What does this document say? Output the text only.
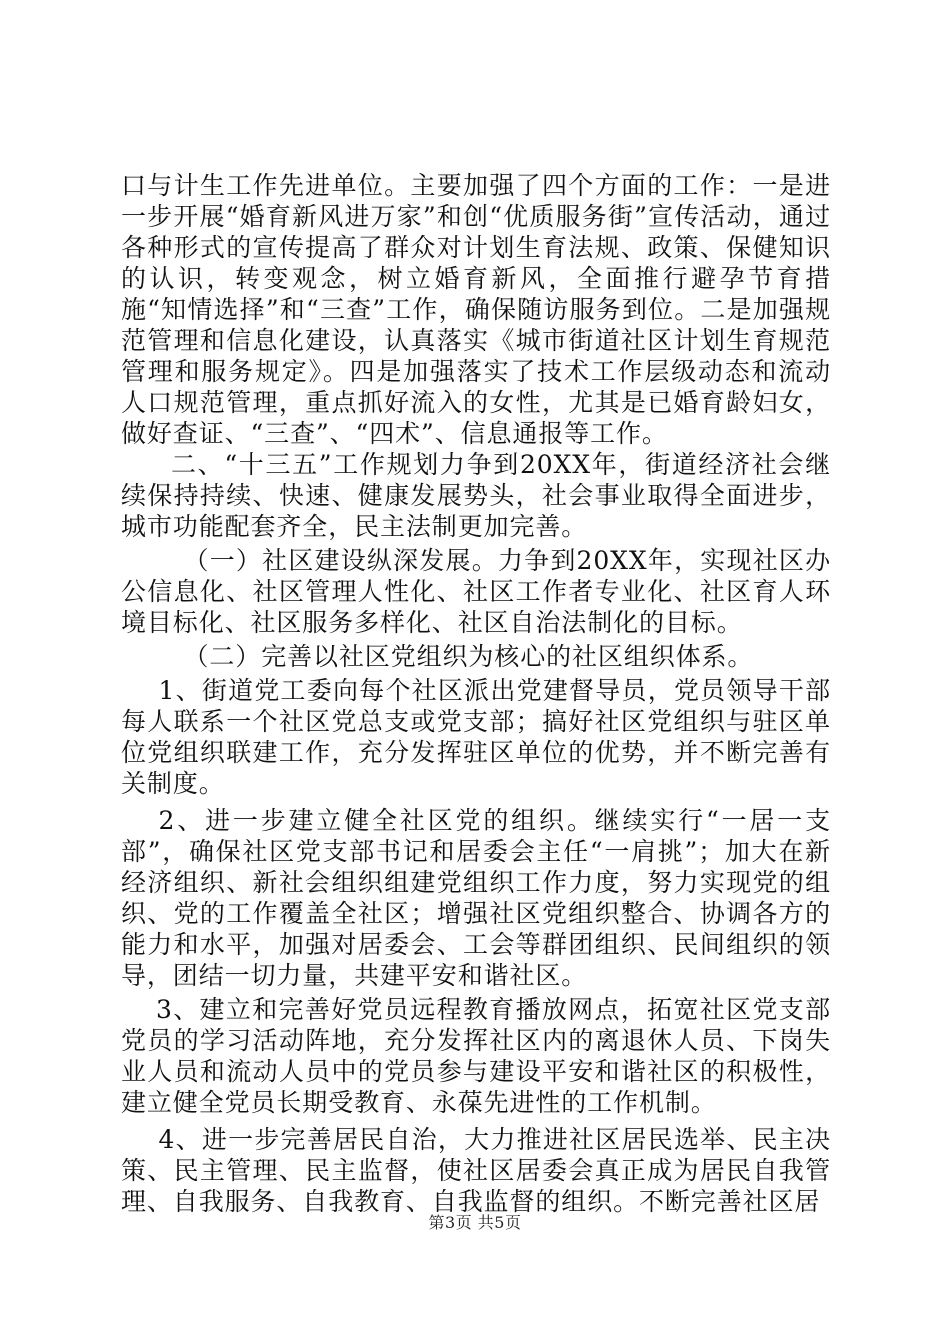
口与计生工作先进单位。主要加强了四个方面的工作：一是进一步开展“婚育新风进万家”和创“优质服务街”宣传活动，通过各种形式的宣传提高了群众对计划生育法规、政策、保健知识的认识，转变观念，树立婚育新风，全面推行避孕节育措施“知情选择”和“三查”工作，确保随访服务到位。二是加强规范管理和信息化建设，认真落实《城市街道社区计划生育规范管理和服务规定》。四是加强落实了技术工作层级动态和流动人口规范管理，重点抓好流入的女性，尤其是已婚育龄妇女，做好查证、“三查”、“四术”、信息通报等工作。

二、“十三五”工作规划力争到20XX年，街道经济社会继续保持持续、快速、健康发展势头，社会事业取得全面进步，城市功能配套齐全，民主法制更加完善。

（一）社区建设纵深发展。力争到20XX年，实现社区办公信息化、社区管理人性化、社区工作者专业化、社区育人环境目标化、社区服务多样化、社区自治法制化的目标。

（二）完善以社区党组织为核心的社区组织体系。

1、街道党工委向每个社区派出党建督导员，党员领导干部每人联系一个社区党总支或党支部；搞好社区党组织与驻区单位党组织联建工作，充分发挥驻区单位的优势，并不断完善有关制度。

2、进一步建立健全社区党的组织。继续实行“一居一支部”，确保社区党支部书记和居委会主任“一肩挑”；加大在新经济组织、新社会组织组建党组织工作力度，努力实现党的组织、党的工作覆盖全社区；增强社区党组织整合、协调各方的能力和水平，加强对居委会、工会等群团组织、民间组织的领导，团结一切力量，共建平安和谐社区。

3、建立和完善好党员远程教育播放网点，拓宽社区党支部党员的学习活动阵地，充分发挥社区内的离退休人员、下岗失业人员和流动人员中的党员参与建设平安和谐社区的积极性，建立健全党员长期受教育、永葆先进性的工作机制。

4、进一步完善居民自治，大力推进社区居民选举、民主决策、民主管理、民主监督，使社区居委会真正成为居民自我管理、自我服务、自我教育、自我监督的组织。不断完善社区居

第3页 共5页
